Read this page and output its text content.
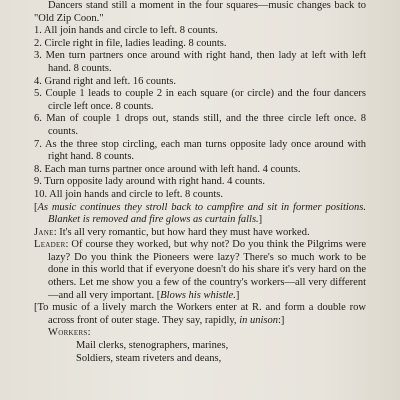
Dancers stand still a moment in the four squares—music changes back to "Old Zip Coon."

1. All join hands and circle to left. 8 counts.

2. Circle right in file, ladies leading. 8 counts.

3. Men turn partners once around with right hand, then lady at left with left hand. 8 counts.

4. Grand right and left. 16 counts.

5. Couple 1 leads to couple 2 in each square (or circle) and the four dancers circle left once. 8 counts.

6. Man of couple 1 drops out, stands still, and the three circle left once. 8 counts.

7. As the three stop circling, each man turns opposite lady once around with right hand. 8 counts.

8. Each man turns partner once around with left hand. 4 counts.

9. Turn opposite lady around with right hand. 4 counts.

10. All join hands and circle to left. 8 counts.

[As music continues they stroll back to campfire and sit in former positions. Blanket is removed and fire glows as curtain falls.]

Jane: It's all very romantic, but how hard they must have worked.

Leader: Of course they worked, but why not? Do you think the Pilgrims were lazy? Do you think the Pioneers were lazy? There's so much work to be done in this world that if everyone doesn't do his share it's very hard on the others. Let me show you a few of the country's workers—all very different—and all very important. [Blows his whistle.]

[To music of a lively march the Workers enter at R. and form a double row across front of outer stage. They say, rapidly, in unison:]

Workers:

Mail clerks, stenographers, marines,

Soldiers, steam riveters and deans,
